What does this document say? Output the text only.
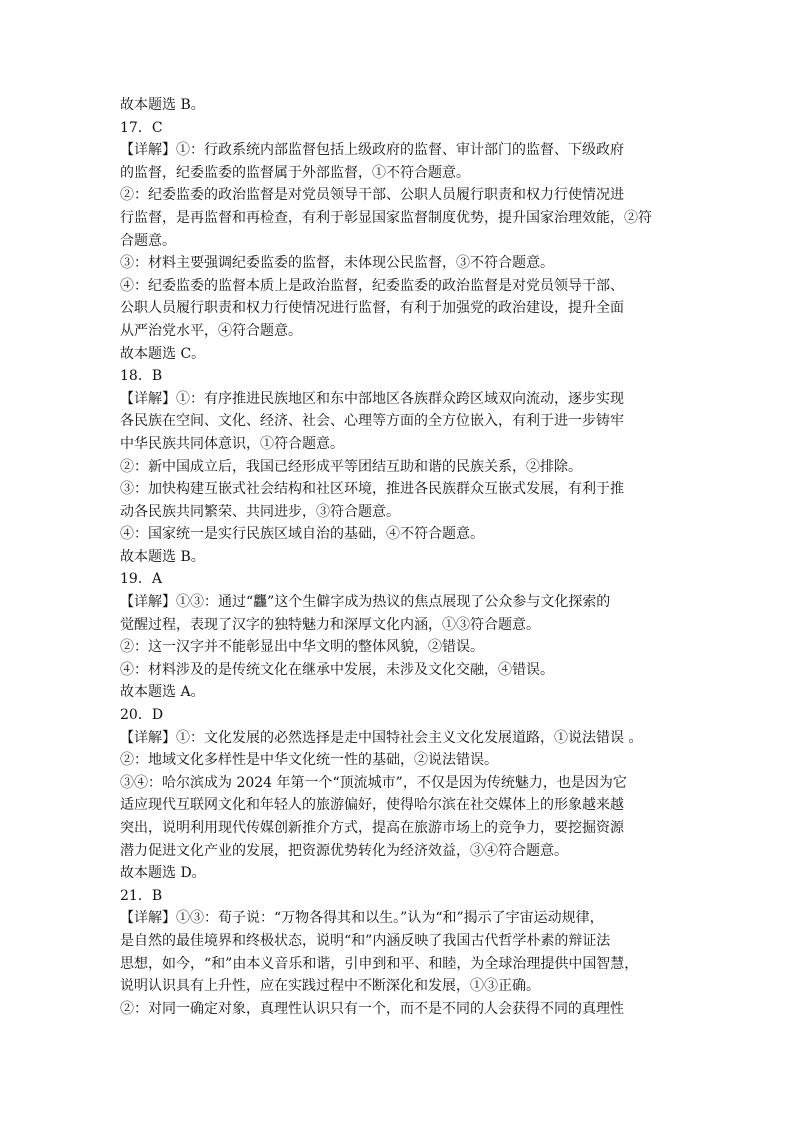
故本题选 B。
17．C
【详解】①：行政系统内部监督包括上级政府的监督、审计部门的监督、下级政府
的监督，纪委监委的监督属于外部监督，①不符合题意。
②：纪委监委的政治监督是对党员领导干部、公职人员履行职责和权力行使情况进
行监督，是再监督和再检查，有利于彰显国家监督制度优势，提升国家治理效能，②符
合题意。
③：材料主要强调纪委监委的监督，未体现公民监督，③不符合题意。
④：纪委监委的监督本质上是政治监督，纪委监委的政治监督是对党员领导干部、
公职人员履行职责和权力行使情况进行监督，有利于加强党的政治建设，提升全面
从严治党水平，④符合题意。
故本题选 C。
18．B
【详解】①：有序推进民族地区和东中部地区各族群众跨区域双向流动，逐步实现
各民族在空间、文化、经济、社会、心理等方面的全方位嵌入，有利于进一步铸牢
中华民族共同体意识，①符合题意。
②：新中国成立后，我国已经形成平等团结互助和谐的民族关系，②排除。
③：加快构建互嵌式社会结构和社区环境，推进各民族群众互嵌式发展，有利于推
动各民族共同繁荣、共同进步，③符合题意。
④：国家统一是实行民族区域自治的基础，④不符合题意。
故本题选 B。
19．A
【详解】①③：通过“龘”这个生僻字成为热议的焦点展现了公众参与文化探索的
觉醒过程，表现了汉字的独特魅力和深厚文化内涵，①③符合题意。
②：这一汉字并不能彰显出中华文明的整体风貌，②错误。
④：材料涉及的是传统文化在继承中发展，未涉及文化交融，④错误。
故本题选 A。
20．D
【详解】①：文化发展的必然选择是走中国特社会主义文化发展道路，①说法错误 。
②：地域文化多样性是中华文化统一性的基础，②说法错误。
③④：哈尔滨成为 2024 年第一个“顶流城市”，不仅是因为传统魅力，也是因为它
适应现代互联网文化和年轻人的旅游偏好，使得哈尔滨在社交媒体上的形象越来越
突出，说明利用现代传媒创新推介方式，提高在旅游市场上的竞争力，要挖掘资源
潜力促进文化产业的发展，把资源优势转化为经济效益，③④符合题意。
故本题选 D。
21．B
【详解】①③：荀子说：“万物各得其和以生。”认为“和”揭示了宇宙运动规律，
是自然的最佳境界和终极状态，说明“和”内涵反映了我国古代哲学朴素的辩证法
思想，如今，“和”由本义音乐和谐，引申到和平、和睦，为全球治理提供中国智慧，
说明认识具有上升性，应在实践过程中不断深化和发展，①③正确。
②：对同一确定对象，真理性认识只有一个，而不是不同的人会获得不同的真理性
